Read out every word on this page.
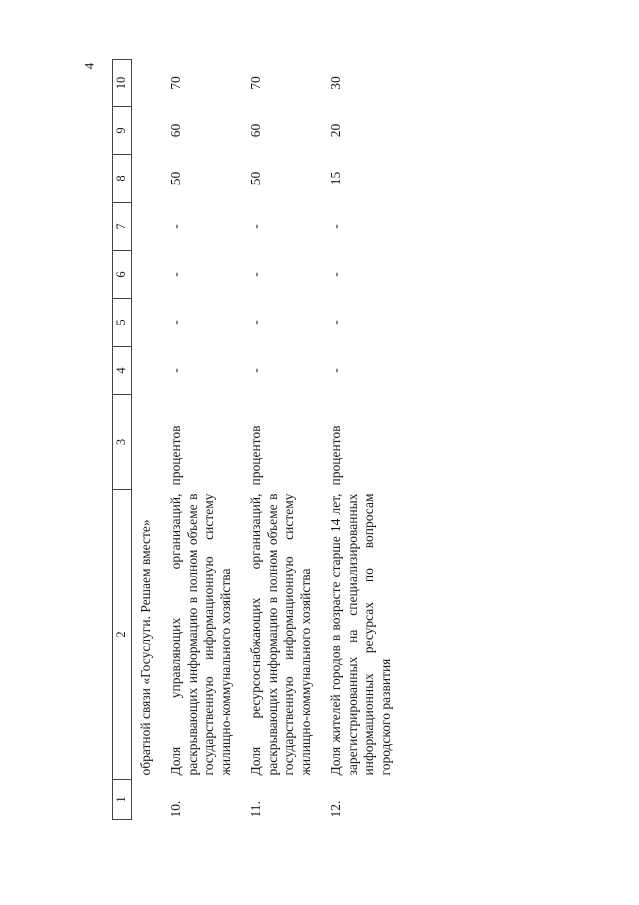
4
1	2	3	4	5	6	7	8	9	10
	обратной связи «Госуслуги. Решаем вместе»								
10.	Доля управляющих организаций, раскрывающих информацию в полном объеме в государственную информационную систему жилищно-коммунального хозяйства	процентов	-	-	-	-	50	60	70
11.	Доля ресурсоснабжающих организаций, раскрывающих информацию в полном объеме в государственную информационную систему жилищно-коммунального хозяйства	процентов	-	-	-	-	50	60	70
12.	Доля жителей городов в возрасте старше 14 лет, зарегистрированных на специализированных информационных ресурсах по вопросам городского развития	процентов	-	-	-	-	15	20	30
